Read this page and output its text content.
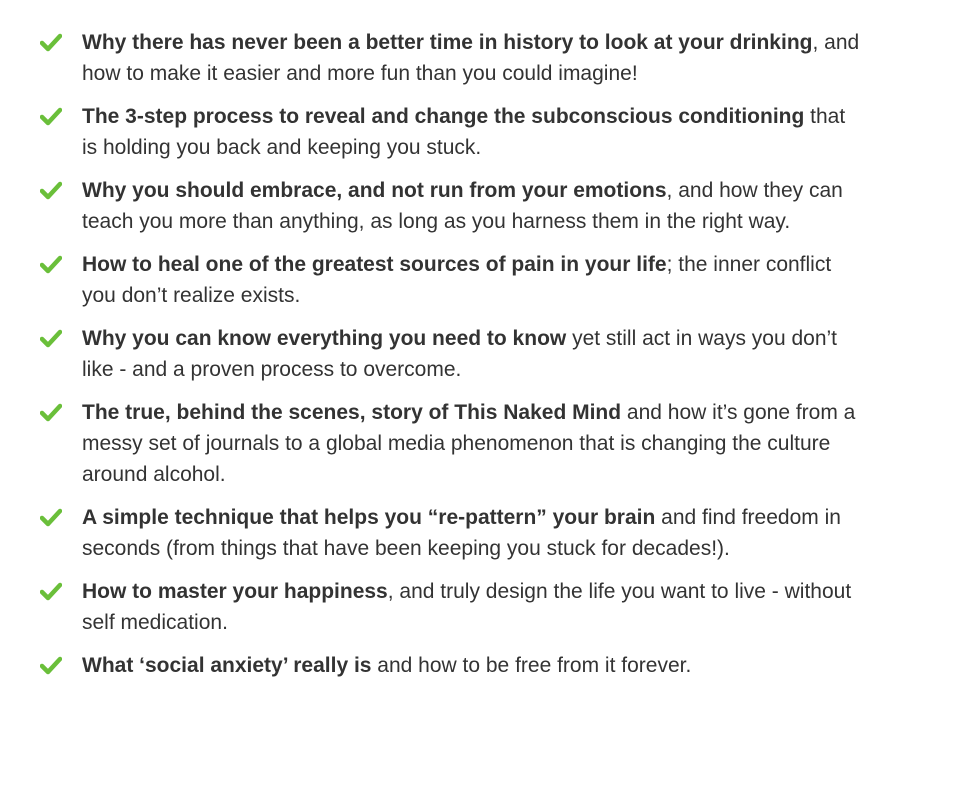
Why there has never been a better time in history to look at your drinking, and how to make it easier and more fun than you could imagine!
The 3-step process to reveal and change the subconscious conditioning that is holding you back and keeping you stuck.
Why you should embrace, and not run from your emotions, and how they can teach you more than anything, as long as you harness them in the right way.
How to heal one of the greatest sources of pain in your life; the inner conflict you don’t realize exists.
Why you can know everything you need to know yet still act in ways you don’t like - and a proven process to overcome.
The true, behind the scenes, story of This Naked Mind and how it’s gone from a messy set of journals to a global media phenomenon that is changing the culture around alcohol.
A simple technique that helps you “re-pattern” your brain and find freedom in seconds (from things that have been keeping you stuck for decades!).
How to master your happiness, and truly design the life you want to live - without self medication.
What ‘social anxiety’ really is and how to be free from it forever.
